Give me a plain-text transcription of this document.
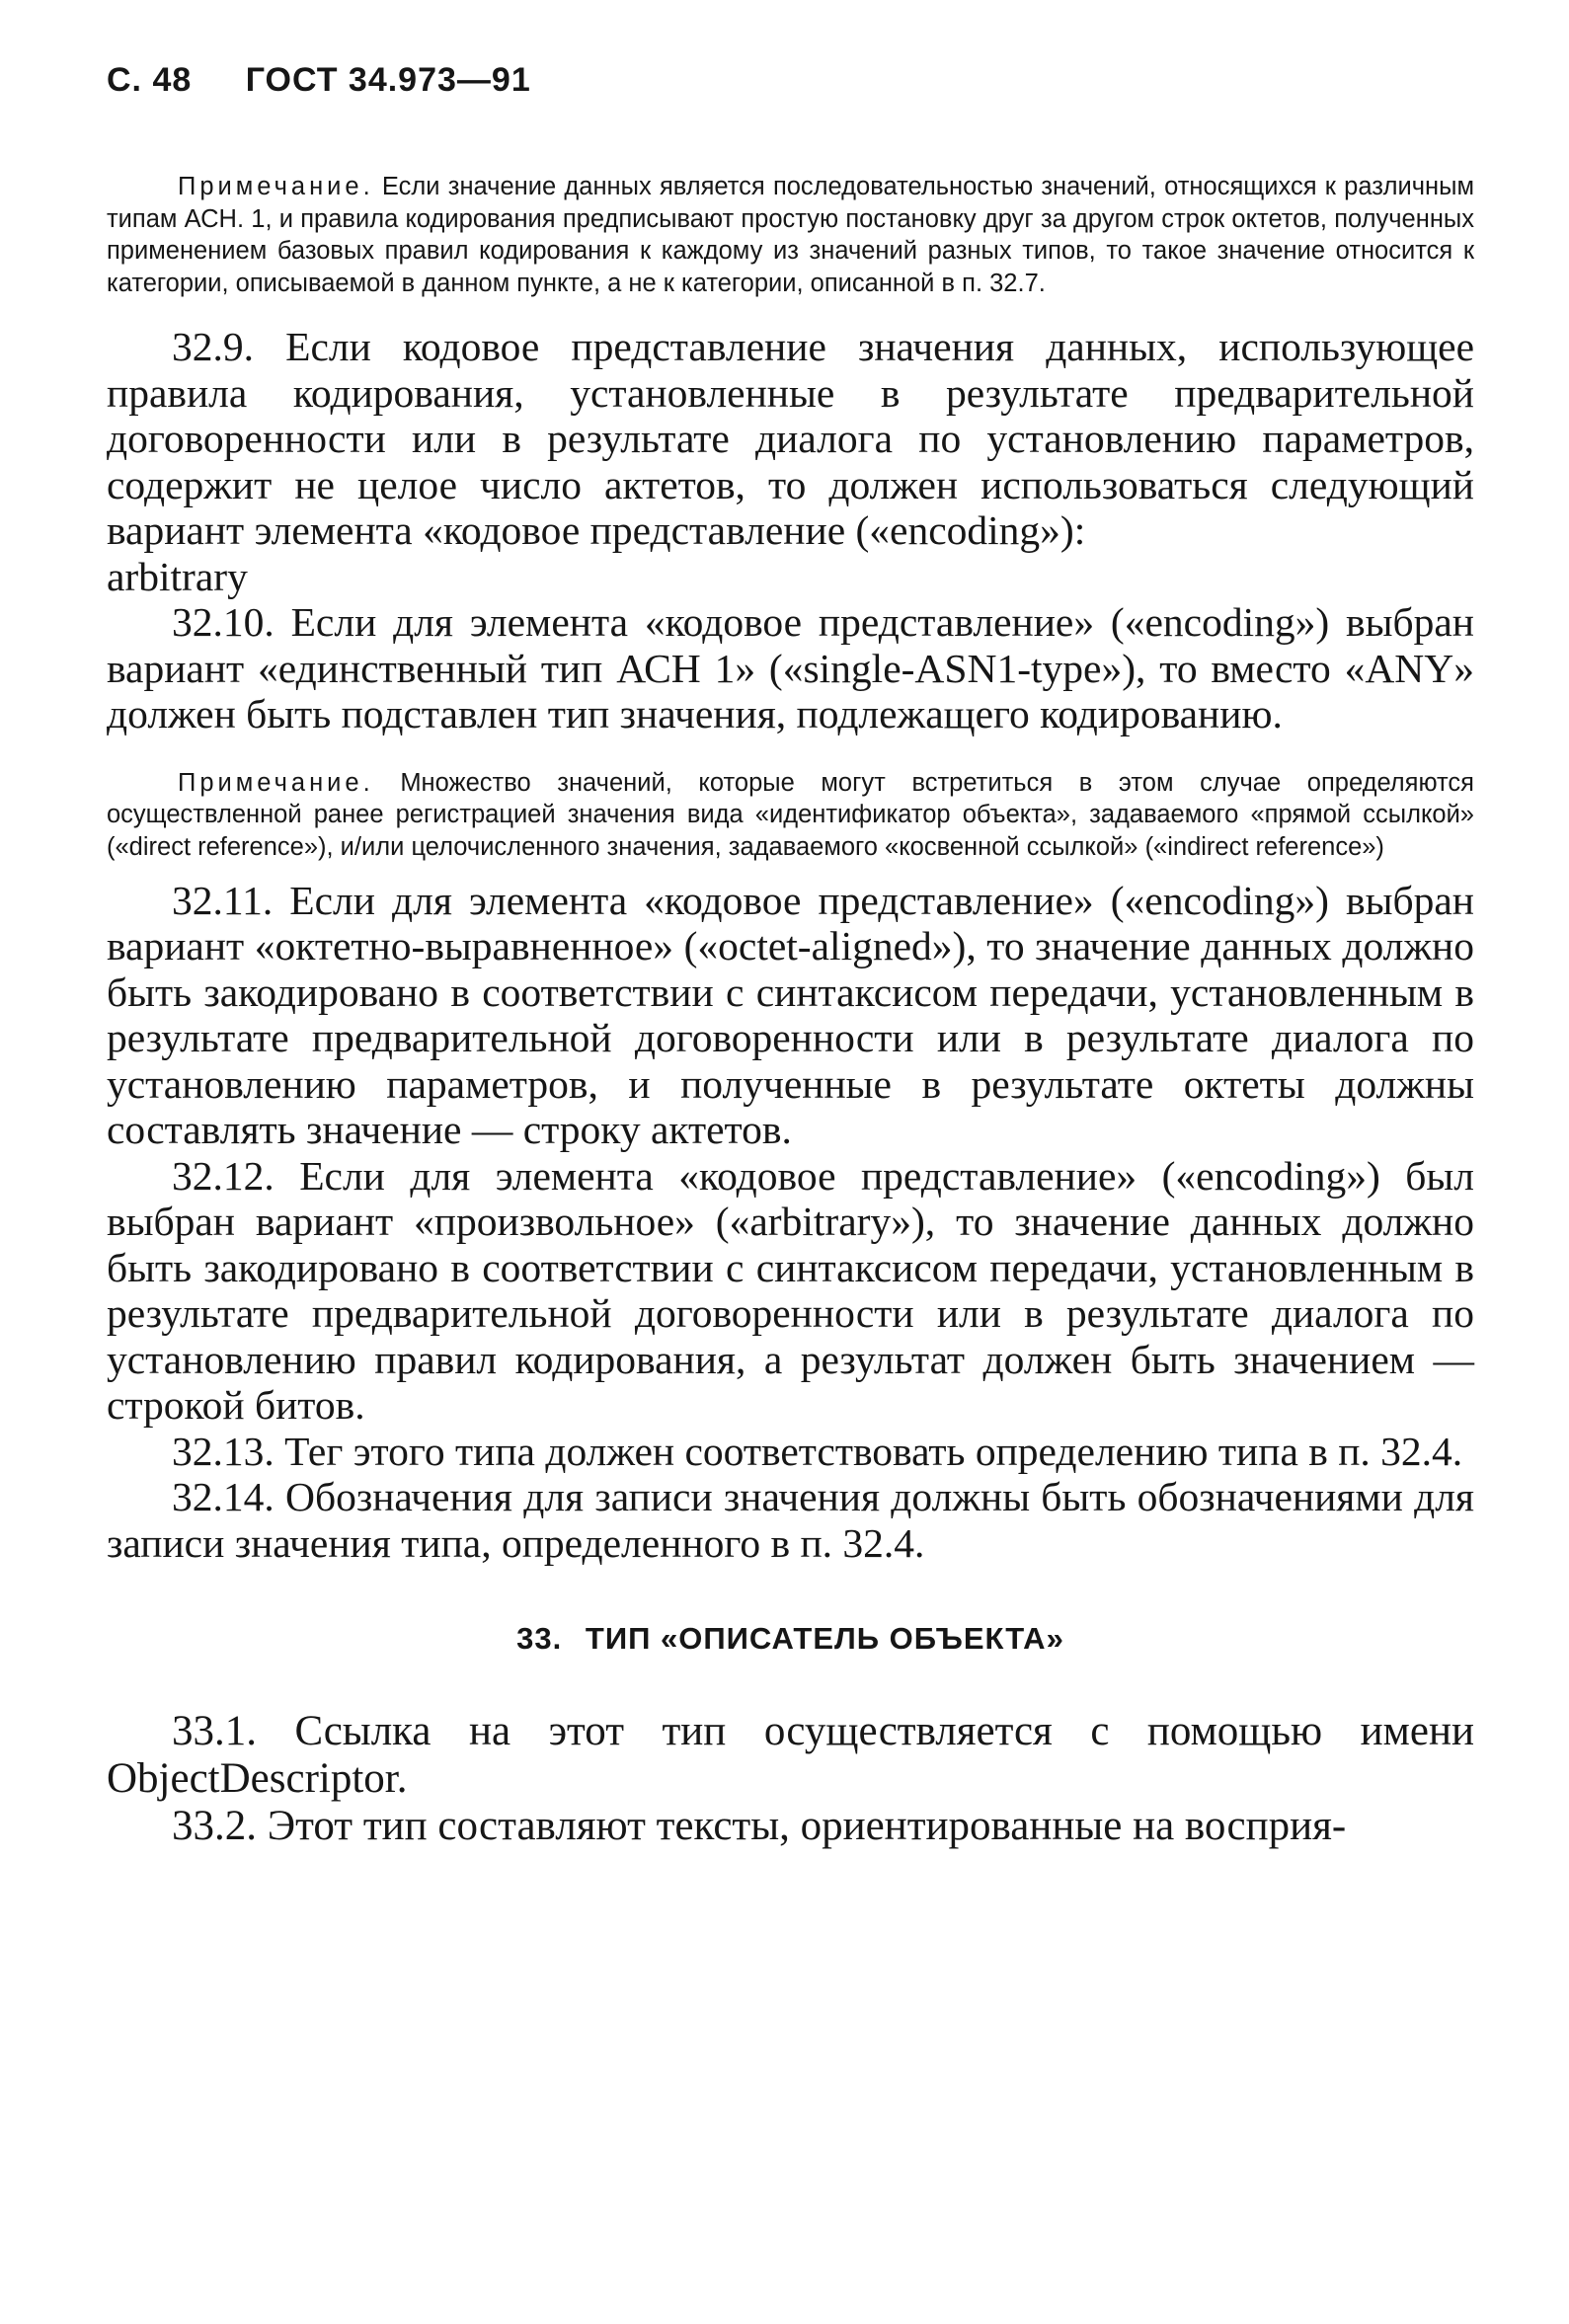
С. 48 ГОСТ 34.973—91

Примечание. Если значение данных является последовательностью значений, относящихся к различным типам АСН. 1, и правила кодирования предписывают простую постановку друг за другом строк октетов, полученных применением базовых правил кодирования к каждому из значений разных типов, то такое значение относится к категории, описываемой в данном пункте, а не к категории, описанной в п. 32.7.

32.9. Если кодовое представление значения данных, использующее правила кодирования, установленные в результате предварительной договоренности или в результате диалога по установлению параметров, содержит не целое число актетов, то должен использоваться следующий вариант элемента «кодовое представление («encoding»):

arbitrary

32.10. Если для элемента «кодовое представление» («encoding») выбран вариант «единственный тип АСН 1» («single-ASN1-type»), то вместо «ANY» должен быть подставлен тип значения, подлежащего кодированию.

Примечание. Множество значений, которые могут встретиться в этом случае определяются осуществленной ранее регистрацией значения вида «идентификатор объекта», задаваемого «прямой ссылкой» («direct reference»), и/или целочисленного значения, задаваемого «косвенной ссылкой» («indirect reference»)

32.11. Если для элемента «кодовое представление» («encoding») выбран вариант «октетно-выравненное» («octet-aligned»), то значение данных должно быть закодировано в соответствии с синтаксисом передачи, установленным в результате предварительной договоренности или в результате диалога по установлению параметров, и полученные в результате октеты должны составлять значение — строку актетов.

32.12. Если для элемента «кодовое представление» («encoding») был выбран вариант «произвольное» («arbitrary»), то значение данных должно быть закодировано в соответствии с синтаксисом передачи, установленным в результате предварительной договоренности или в результате диалога по установлению правил кодирования, а результат должен быть значением — строкой битов.

32.13. Тег этого типа должен соответствовать определению типа в п. 32.4.

32.14. Обозначения для записи значения должны быть обозначениями для записи значения типа, определенного в п. 32.4.

33. ТИП «ОПИСАТЕЛЬ ОБЪЕКТА»

33.1. Ссылка на этот тип осуществляется с помощью имени ObjectDescriptor.

33.2. Этот тип составляют тексты, ориентированные на восприя-
